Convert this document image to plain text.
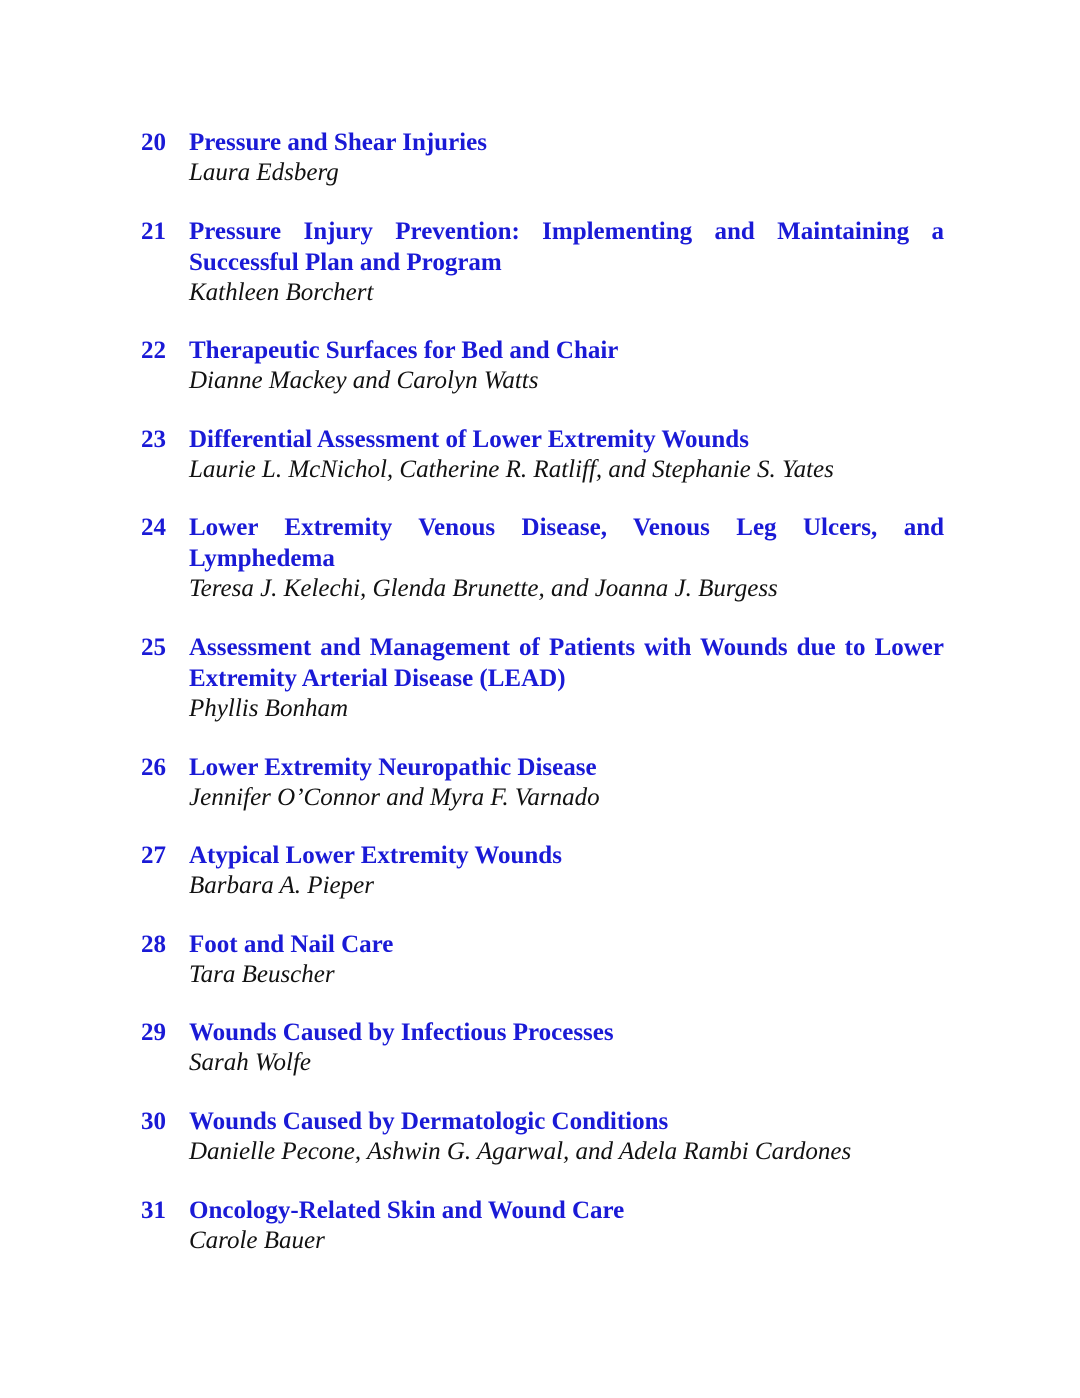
20 Pressure and Shear Injuries
Laura Edsberg
21 Pressure Injury Prevention: Implementing and Maintaining a Successful Plan and Program
Kathleen Borchert
22 Therapeutic Surfaces for Bed and Chair
Dianne Mackey and Carolyn Watts
23 Differential Assessment of Lower Extremity Wounds
Laurie L. McNichol, Catherine R. Ratliff, and Stephanie S. Yates
24 Lower Extremity Venous Disease, Venous Leg Ulcers, and Lymphedema
Teresa J. Kelechi, Glenda Brunette, and Joanna J. Burgess
25 Assessment and Management of Patients with Wounds due to Lower Extremity Arterial Disease (LEAD)
Phyllis Bonham
26 Lower Extremity Neuropathic Disease
Jennifer O’Connor and Myra F. Varnado
27 Atypical Lower Extremity Wounds
Barbara A. Pieper
28 Foot and Nail Care
Tara Beuscher
29 Wounds Caused by Infectious Processes
Sarah Wolfe
30 Wounds Caused by Dermatologic Conditions
Danielle Pecone, Ashwin G. Agarwal, and Adela Rambi Cardones
31 Oncology-Related Skin and Wound Care
Carole Bauer
